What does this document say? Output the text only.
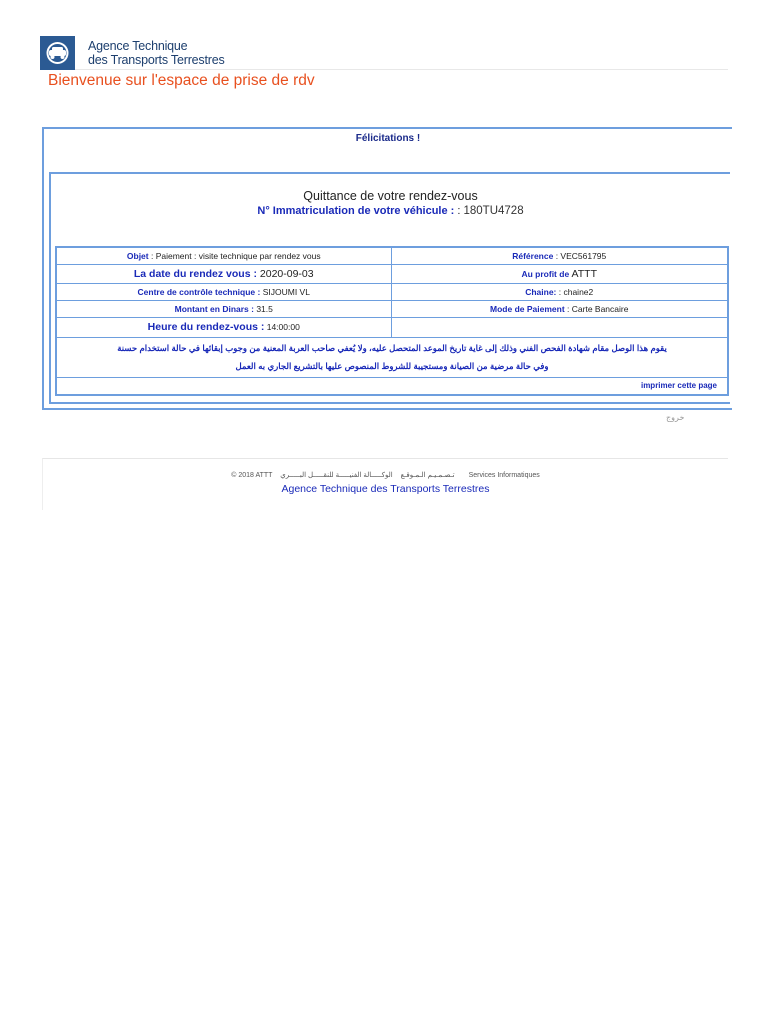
Agence Technique
des Transports Terrestres
Bienvenue sur l'espace de prise de rdv
Félicitations !
Quittance de votre rendez-vous
N° Immatriculation de votre véhicule : : 180TU4728
Objet : Paiement : visite technique par rendez vous	Référence : VEC561795
La date du rendez vous : 2020-09-03	Au profit de ATTT
Centre de contrôle technique : SIJOUMI VL	Chaine: : chaine2
Montant en Dinars : 31.5	Mode de Paiement : Carte Bancaire
Heure du rendez-vous : 14:00:00	

يقوم هذا الوصل مقام شهادة الفحص الفني وذلك إلى غاية تاريخ الموعد المتحصل عليه، ولا يُعفي صاحب العربة المعنية من وجوب إبقائها في حالة استخدام حسنة
وفي حالة مرضية من الصيانة ومستجيبة للشروط المنصوص عليها بالتشريع الجاري به العمل	

imprimer cette page	
خروج
© 2018 ATTT تـصـمـيـم الـمـوقـع الوكـــــالة الفنيـــــة للنقـــــل البـــــري	Services Informatiques
Agence Technique des Transports Terrestres
